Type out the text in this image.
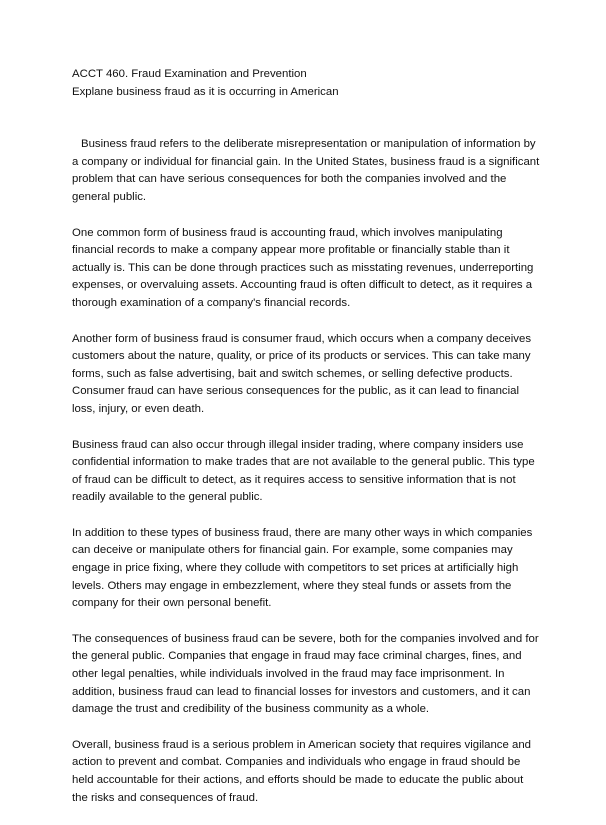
ACCT 460. Fraud Examination and Prevention

Explane business fraud as it is occurring in American

Business fraud refers to the deliberate misrepresentation or manipulation of information by a company or individual for financial gain. In the United States, business fraud is a significant problem that can have serious consequences for both the companies involved and the general public.

One common form of business fraud is accounting fraud, which involves manipulating financial records to make a company appear more profitable or financially stable than it actually is. This can be done through practices such as misstating revenues, underreporting expenses, or overvaluing assets. Accounting fraud is often difficult to detect, as it requires a thorough examination of a company's financial records.

Another form of business fraud is consumer fraud, which occurs when a company deceives customers about the nature, quality, or price of its products or services. This can take many forms, such as false advertising, bait and switch schemes, or selling defective products. Consumer fraud can have serious consequences for the public, as it can lead to financial loss, injury, or even death.

Business fraud can also occur through illegal insider trading, where company insiders use confidential information to make trades that are not available to the general public. This type of fraud can be difficult to detect, as it requires access to sensitive information that is not readily available to the general public.

In addition to these types of business fraud, there are many other ways in which companies can deceive or manipulate others for financial gain. For example, some companies may engage in price fixing, where they collude with competitors to set prices at artificially high levels. Others may engage in embezzlement, where they steal funds or assets from the company for their own personal benefit.

The consequences of business fraud can be severe, both for the companies involved and for the general public. Companies that engage in fraud may face criminal charges, fines, and other legal penalties, while individuals involved in the fraud may face imprisonment. In addition, business fraud can lead to financial losses for investors and customers, and it can damage the trust and credibility of the business community as a whole.

Overall, business fraud is a serious problem in American society that requires vigilance and action to prevent and combat. Companies and individuals who engage in fraud should be held accountable for their actions, and efforts should be made to educate the public about the risks and consequences of fraud.
